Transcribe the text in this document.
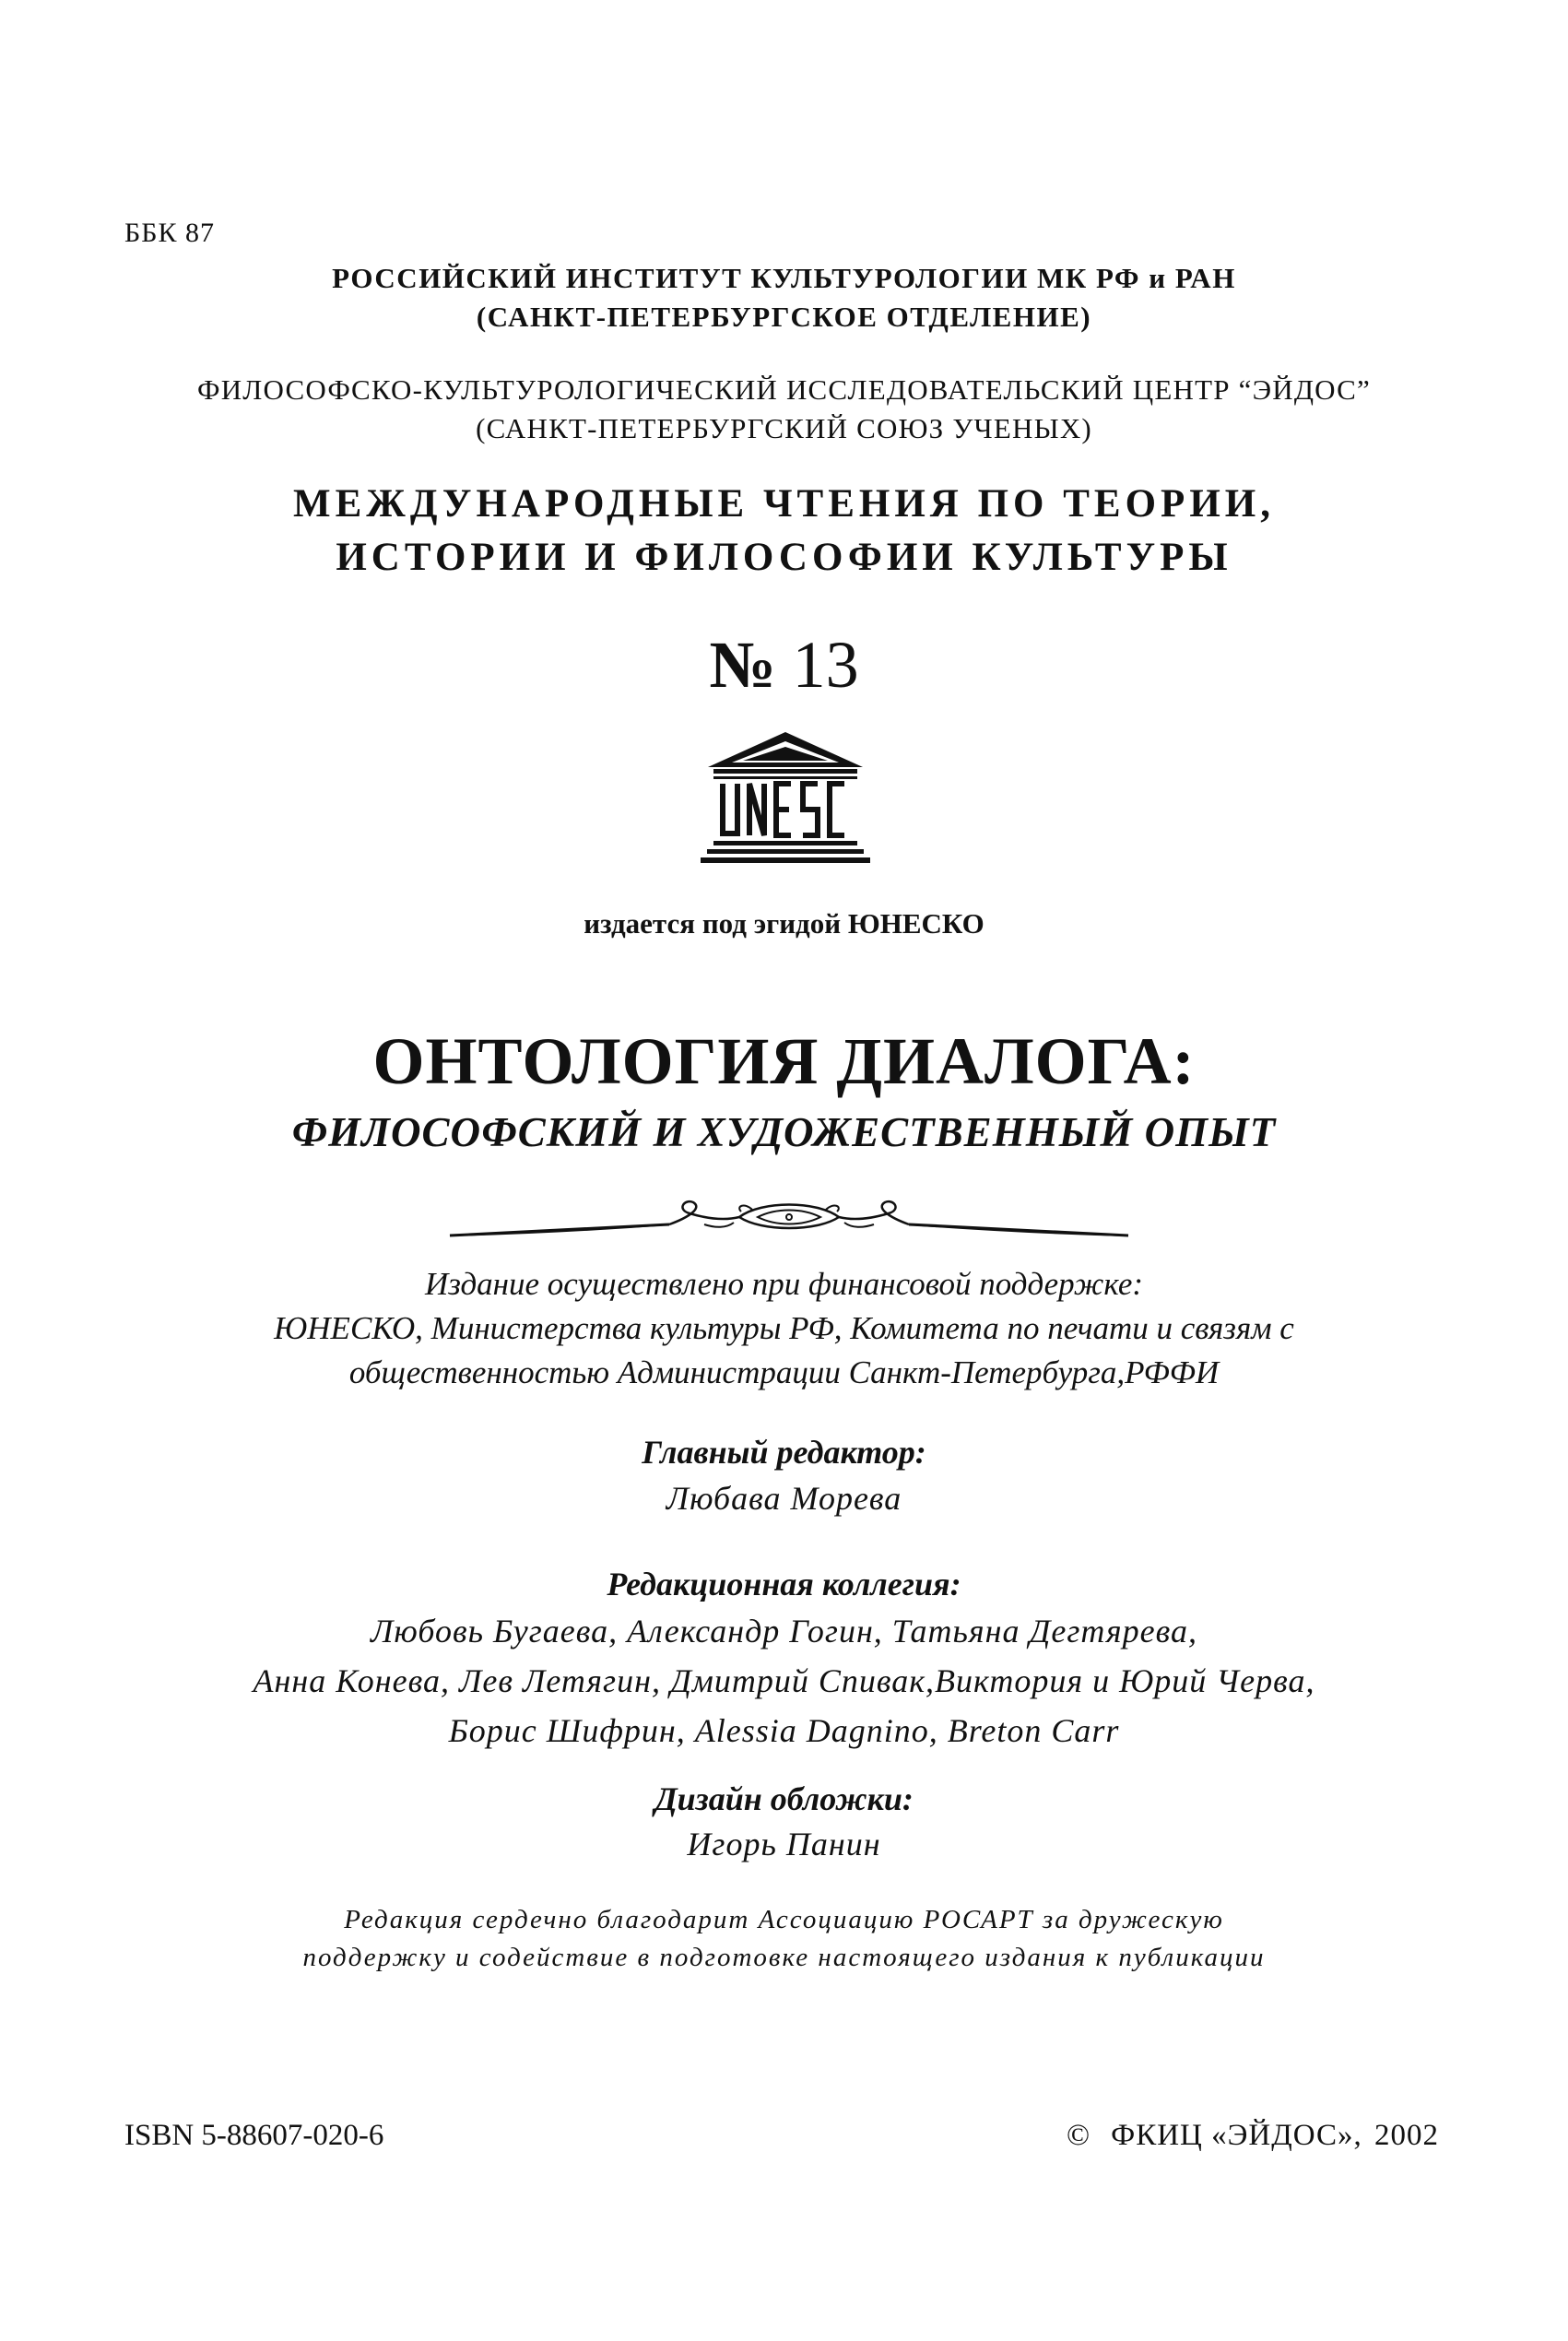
ББК 87
РОССИЙСКИЙ ИНСТИТУТ КУЛЬТУРОЛОГИИ МК РФ и РАН
(САНКТ-ПЕТЕРБУРГСКОЕ ОТДЕЛЕНИЕ)
ФИЛОСОФСКО-КУЛЬТУРОЛОГИЧЕСКИЙ ИССЛЕДОВАТЕЛЬСКИЙ ЦЕНТР “ЭЙДОС”
(САНКТ-ПЕТЕРБУРГСКИЙ СОЮЗ УЧЕНЫХ)
МЕЖДУНАРОДНЫЕ ЧТЕНИЯ ПО ТЕОРИИ,
ИСТОРИИ И ФИЛОСОФИИ КУЛЬТУРЫ
№ 13
UNESCO
издается под эгидой ЮНЕСКО
ОНТОЛОГИЯ ДИАЛОГА:
ФИЛОСОФСКИЙ И ХУДОЖЕСТВЕННЫЙ ОПЫТ
Издание осуществлено при финансовой поддержке:
ЮНЕСКО, Министерства культуры РФ, Комитета по печати и связям с
общественностью Администрации Санкт-Петербурга,РФФИ
Главный редактор:
Любава Морева
Редакционная коллегия:
Любовь Бугаева, Александр Гогин, Татьяна Дегтярева,
Анна Конева, Лев Летягин, Дмитрий Спивак,Виктория и Юрий Черва,
Борис Шифрин, Alessia Dagnino, Breton Carr
Дизайн обложки:
Игорь Панин
Редакция сердечно благодарит Ассоциацию РОСАРТ за дружескую
поддержку и содействие в подготовке настоящего издания к публикации
ISBN 5-88607-020-6	© ФКИЦ «ЭЙДОС», 2002
